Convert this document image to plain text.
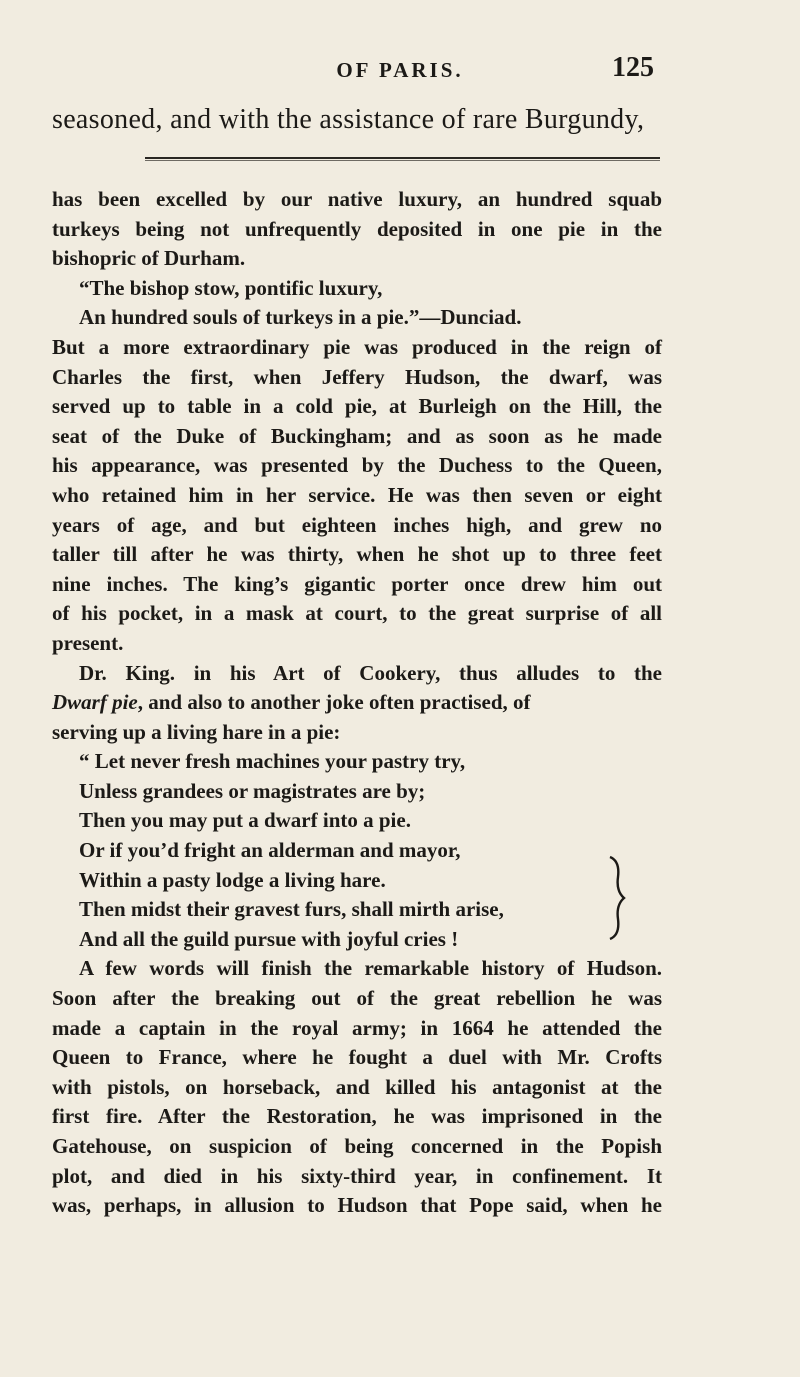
OF PARIS.	125
seasoned, and with the assistance of rare Burgundy,
has been excelled by our native luxury, an hundred squab
turkeys being not unfrequently deposited in one pie in the
bishopric of Durham.
“The bishop stow, pontific luxury,
An hundred souls of turkeys in a pie.”—Dunciad.
But a more extraordinary pie was produced in the reign of
Charles the first, when Jeffery Hudson, the dwarf, was
served up to table in a cold pie, at Burleigh on the Hill, the
seat of the Duke of Buckingham; and as soon as he made
his appearance, was presented by the Duchess to the Queen,
who retained him in her service. He was then seven or eight
years of age, and but eighteen inches high, and grew no
taller till after he was thirty, when he shot up to three feet
nine inches. The king’s gigantic porter once drew him out
of his pocket, in a mask at court, to the great surprise of all
present.
Dr. King. in his Art of Cookery, thus alludes to the
Dwarf pie, and also to another joke often practised, of
serving up a living hare in a pie:
“ Let never fresh machines your pastry try,
Unless grandees or magistrates are by;
Then you may put a dwarf into a pie.
Or if you’d fright an alderman and mayor,
Within a pasty lodge a living hare.
Then midst their gravest furs, shall mirth arise,
And all the guild pursue with joyful cries !
A few words will finish the remarkable history of Hudson.
Soon after the breaking out of the great rebellion he was
made a captain in the royal army; in 1664 he attended the
Queen to France, where he fought a duel with Mr. Crofts
with pistols, on horseback, and killed his antagonist at the
first fire. After the Restoration, he was imprisoned in the
Gatehouse, on suspicion of being concerned in the Popish
plot, and died in his sixty-third year, in confinement. It
was, perhaps, in allusion to Hudson that Pope said, when he
